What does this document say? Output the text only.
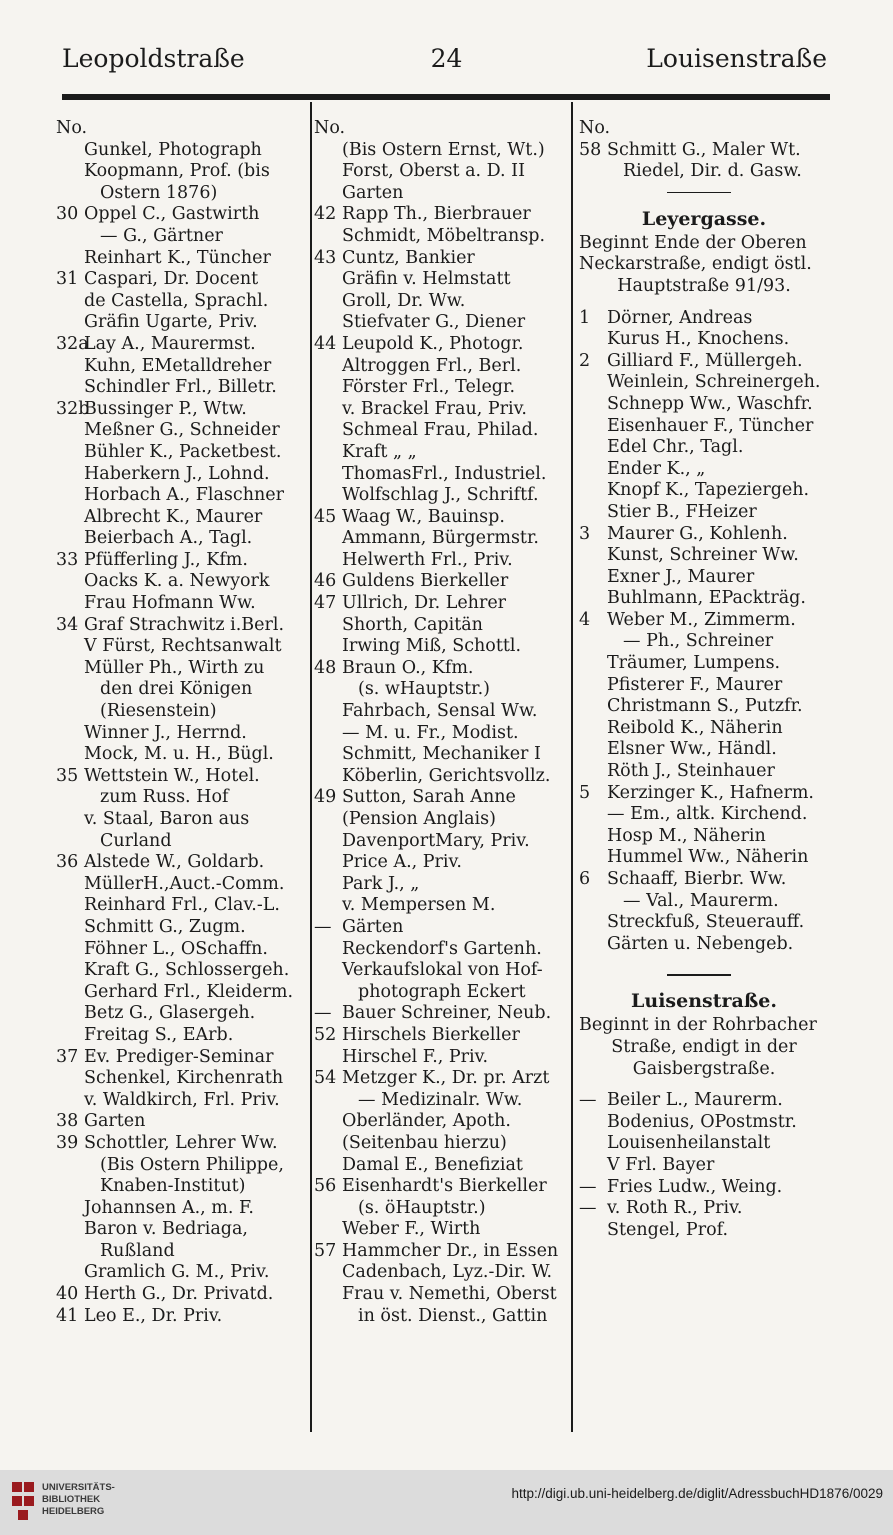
Leopoldstraße	24	Louisenstraße
No.
Gunkel, Photograph
Koopmann, Prof. (bis
Ostern 1876)
30 Oppel C., Gastwirth
— G., Gärtner
Reinhart K., Tüncher
31 Caspari, Dr. Docent
de Castella, Sprachl.
Gräfin Ugarte, Priv.
32a
Lay A., Maurermst.
Kuhn, EMetalldreher
Schindler Frl., Billetr.
32b
Bussinger P., Wtw.
Meßner G., Schneider
Bühler K., Packetbest.
Haberkern J., Lohnd.
Horbach A., Flaschner
Albrecht K., Maurer
Beierbach A., Tagl.
33 Pfüfferling J., Kfm.
Oacks K. a. Newyork
Frau Hofmann Ww.
34 Graf Strachwitz i.Berl.
V Fürst, Rechtsanwalt
Müller Ph., Wirth zu
den drei Königen
(Riesenstein)
Winner J., Herrnd.
Mock, M. u. H., Bügl.
35 Wettstein W., Hotel.
zum Russ. Hof
v. Staal, Baron aus
Curland
36 Alstede W., Goldarb.
MüllerH.,Auct.-Comm.
Reinhard Frl., Clav.-L.
Schmitt G., Zugm.
Föhner L., OSchaffn.
Kraft G., Schlossergeh.
Gerhard Frl., Kleiderm.
Betz G., Glasergeh.
Freitag S., EArb.
37 Ev. Prediger-Seminar
Schenkel, Kirchenrath
v. Waldkirch, Frl. Priv.
38 Garten
39 Schottler, Lehrer Ww.
(Bis Ostern Philippe,
Knaben-Institut)
Johannsen A., m. F.
Baron v. Bedriaga,
Rußland
Gramlich G. M., Priv.
40 Herth G., Dr. Privatd.
41 Leo E., Dr. Priv.
No.
(Bis Ostern Ernst, Wt.)
Forst, Oberst a. D. II
Garten
42 Rapp Th., Bierbrauer
Schmidt, Möbeltransp.
43 Cuntz, Bankier
Gräfin v. Helmstatt
Groll, Dr. Ww.
Stiefvater G., Diener
44 Leupold K., Photogr.
Altroggen Frl., Berl.
Förster Frl., Telegr.
v. Brackel Frau, Priv.
Schmeal Frau, Philad.
Kraft „ „
ThomasFrl., Industriel.
Wolfschlag J., Schriftf.
45 Waag W., Bauinsp.
Ammann, Bürgermstr.
Helwerth Frl., Priv.
46 Guldens Bierkeller
47 Ullrich, Dr. Lehrer
Shorth, Capitän
Irwing Miß, Schottl.
48 Braun O., Kfm.
(s. wHauptstr.)
Fahrbach, Sensal Ww.
— M. u. Fr., Modist.
Schmitt, Mechaniker I
Köberlin, Gerichtsvollz.
49 Sutton, Sarah Anne
(Pension Anglais)
DavenportMary, Priv.
Price A., Priv.
Park J., „
v. Mempersen M.
— Gärten
Reckendorf's Gartenh.
Verkaufslokal von Hof-
photograph Eckert
— Bauer Schreiner, Neub.
52 Hirschels Bierkeller
Hirschel F., Priv.
54 Metzger K., Dr. pr. Arzt
— Medizinalr. Ww.
Oberländer, Apoth.
(Seitenbau hierzu)
Damal E., Benefiziat
56 Eisenhardt's Bierkeller
(s. öHauptstr.)
Weber F., Wirth
57 Hammcher Dr., in Essen
Cadenbach, Lyz.-Dir. W.
Frau v. Nemethi, Oberst
in öst. Dienst., Gattin
No.
58 Schmitt G., Maler Wt.
Riedel, Dir. d. Gasw.
Leyergasse.
Beginnt Ende der Oberen
Neckarstraße, endigt östl.
Hauptstraße 91/93.
1 Dörner, Andreas
Kurus H., Knochens.
2 Gilliard F., Müllergeh.
Weinlein, Schreinergeh.
Schnepp Ww., Waschfr.
Eisenhauer F., Tüncher
Edel Chr., Tagl.
Ender K., „
Knopf K., Tapeziergeh.
Stier B., FHeizer
3 Maurer G., Kohlenh.
Kunst, Schreiner Ww.
Exner J., Maurer
Buhlmann, EPackträg.
4 Weber M., Zimmerm.
— Ph., Schreiner
Träumer, Lumpens.
Pfisterer F., Maurer
Christmann S., Putzfr.
Reibold K., Näherin
Elsner Ww., Händl.
Röth J., Steinhauer
5 Kerzinger K., Hafnerm.
— Em., altk. Kirchend.
Hosp M., Näherin
Hummel Ww., Näherin
6 Schaaff, Bierbr. Ww.
— Val., Maurerm.
Streckfuß, Steuerauff.
Gärten u. Nebengeb.
Luisenstraße.
Beginnt in der Rohrbacher
Straße, endigt in der
Gaisbergstraße.
— Beiler L., Maurerm.
Bodenius, OPostmstr.
Louisenheilanstalt
V Frl. Bayer
— Fries Ludw., Weing.
— v. Roth R., Priv.
Stengel, Prof.
UNIVERSITÄTS-
BIBLIOTHEK
HEIDELBERG
http://digi.ub.uni-heidelberg.de/diglit/AdressbuchHD1876/0029
